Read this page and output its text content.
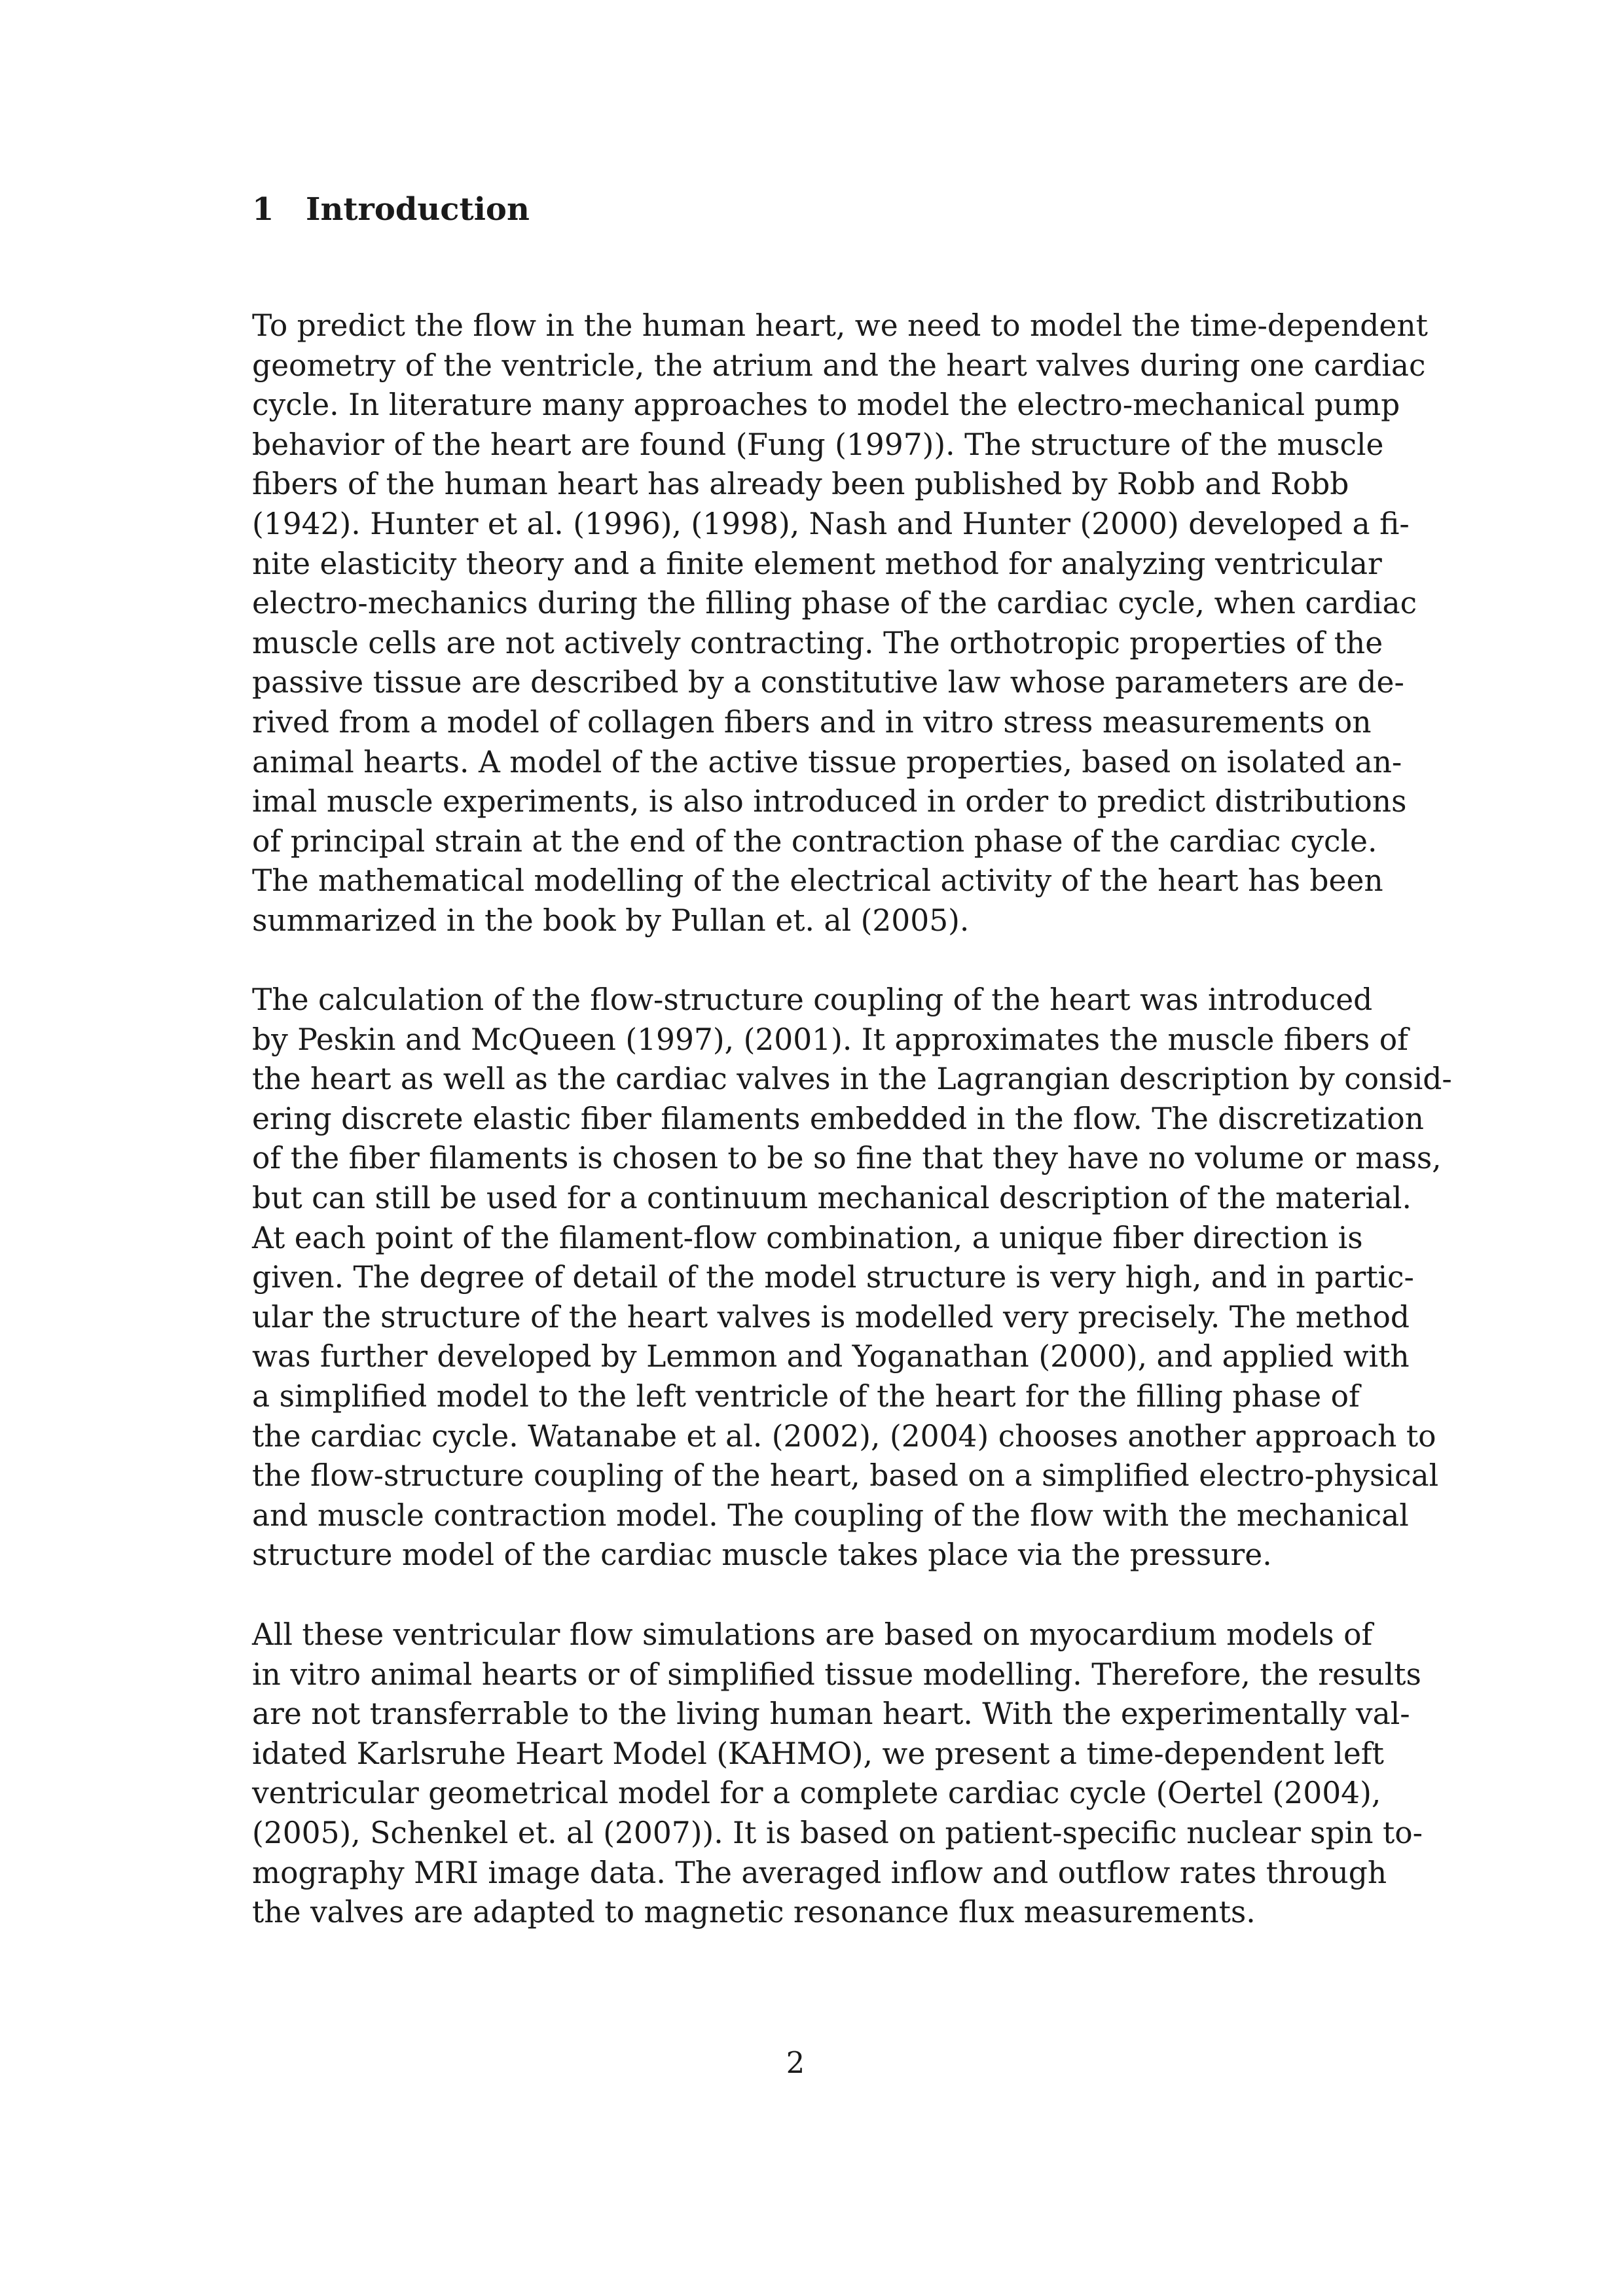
1 Introduction

To predict the flow in the human heart, we need to model the time-dependent
geometry of the ventricle, the atrium and the heart valves during one cardiac
cycle. In literature many approaches to model the electro-mechanical pump
behavior of the heart are found (Fung (1997)). The structure of the muscle
fibers of the human heart has already been published by Robb and Robb
(1942). Hunter et al. (1996), (1998), Nash and Hunter (2000) developed a fi-
nite elasticity theory and a finite element method for analyzing ventricular
electro-mechanics during the filling phase of the cardiac cycle, when cardiac
muscle cells are not actively contracting. The orthotropic properties of the
passive tissue are described by a constitutive law whose parameters are de-
rived from a model of collagen fibers and in vitro stress measurements on
animal hearts. A model of the active tissue properties, based on isolated an-
imal muscle experiments, is also introduced in order to predict distributions
of principal strain at the end of the contraction phase of the cardiac cycle.
The mathematical modelling of the electrical activity of the heart has been
summarized in the book by Pullan et. al (2005).

The calculation of the flow-structure coupling of the heart was introduced
by Peskin and McQueen (1997), (2001). It approximates the muscle fibers of
the heart as well as the cardiac valves in the Lagrangian description by consid-
ering discrete elastic fiber filaments embedded in the flow. The discretization
of the fiber filaments is chosen to be so fine that they have no volume or mass,
but can still be used for a continuum mechanical description of the material.
At each point of the filament-flow combination, a unique fiber direction is
given. The degree of detail of the model structure is very high, and in partic-
ular the structure of the heart valves is modelled very precisely. The method
was further developed by Lemmon and Yoganathan (2000), and applied with
a simplified model to the left ventricle of the heart for the filling phase of
the cardiac cycle. Watanabe et al. (2002), (2004) chooses another approach to
the flow-structure coupling of the heart, based on a simplified electro-physical
and muscle contraction model. The coupling of the flow with the mechanical
structure model of the cardiac muscle takes place via the pressure.

All these ventricular flow simulations are based on myocardium models of
in vitro animal hearts or of simplified tissue modelling. Therefore, the results
are not transferrable to the living human heart. With the experimentally val-
idated Karlsruhe Heart Model (KAHMO), we present a time-dependent left
ventricular geometrical model for a complete cardiac cycle (Oertel (2004),
(2005), Schenkel et. al (2007)). It is based on patient-specific nuclear spin to-
mography MRI image data. The averaged inflow and outflow rates through
the valves are adapted to magnetic resonance flux measurements.

2
